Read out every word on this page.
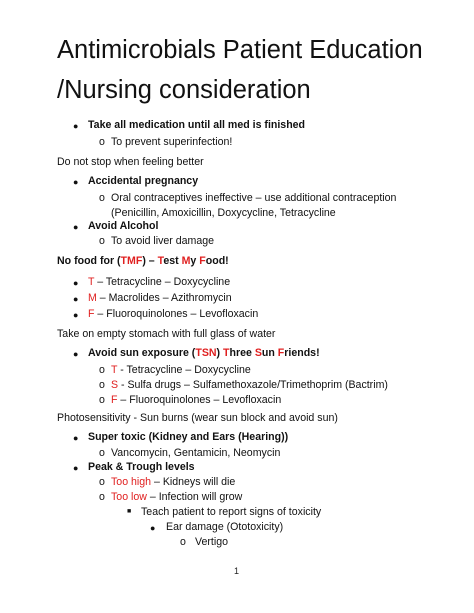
Antimicrobials Patient Education
/Nursing consideration
● Take all medication until all med is finished
o To prevent superinfection!
Do not stop when feeling better
● Accidental pregnancy
o Oral contraceptives ineffective – use additional contraception
(Penicillin, Amoxicillin, Doxycycline, Tetracycline
● Avoid Alcohol
o To avoid liver damage
No food for (TMF) – Test My Food!
● T – Tetracycline – Doxycycline
● M – Macrolides – Azithromycin
● F – Fluoroquinolones – Levofloxacin
Take on empty stomach with full glass of water
● Avoid sun exposure (TSN) Three Sun Friends!
o T - Tetracycline – Doxycycline
o S - Sulfa drugs – Sulfamethoxazole/Trimethoprim (Bactrim)
o F – Fluoroquinolones – Levofloxacin
Photosensitivity - Sun burns (wear sun block and avoid sun)
● Super toxic (Kidney and Ears (Hearing))
o Vancomycin, Gentamicin, Neomycin
● Peak & Trough levels
o Too high – Kidneys will die
o Too low – Infection will grow
■ Teach patient to report signs of toxicity
● Ear damage (Ototoxicity)
o Vertigo
1
